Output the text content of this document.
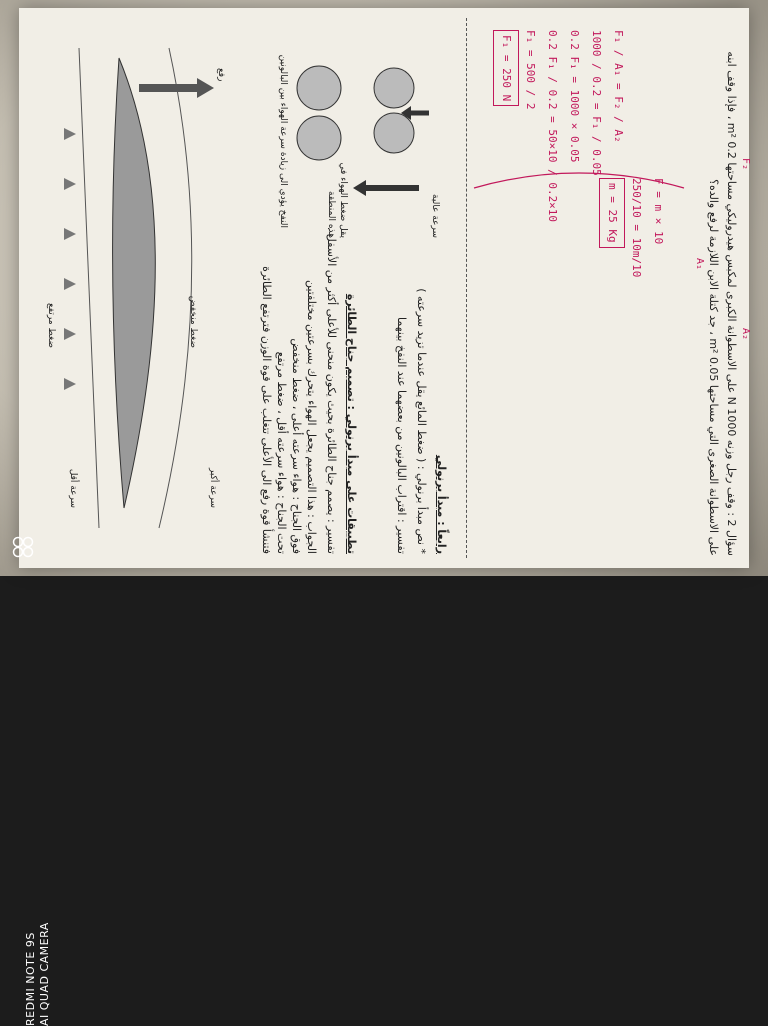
سؤال 2 : وقف رجل وزنه 1000 N على الاسطوانة الكبرى لمكبس هيدروليكي مساحتها 0.2 m² ، فإذا وقف ابنه
على الاسطوانة الصغرى التي مساحتها 0.05 m² ، جد كتلة الابن اللازمة لرفع والده؟
A₂
A₁
F₂
F₁ / A₁ = F₂ / A₂
1000 / 0.2 = F₁ / 0.05
0.2 F₁ = 1000 × 0.05
0.2 F₁ / 0.2 = 50×10 / 0.2×10
F₁ = 500 / 2
F₁ = 250 N
F = m × 10
250/10 = 10m/10
m = 25 Kg
رابعاً : مبدأ برنولي
* نص مبدأ برنولي : ( ضغط المائع يقل عندما تزيد سرعته )
تفسير : اقتراب البالونين من بعضهما عند النفخ بينهما
سرعة عالية
يقل ضغط الهواء في هذه المنطقة
النفخ يؤدي الى زيادة سرعة الهواء بين البالونين
تطبيقات على مبدأ برنولي : تصميم جناح الطائرة
تفسير : يصمم جناح الطائرة بحيث يكون منحنى للأعلى أكثر من الأسفل .
الجواب : هذا التصميم يجعل الهواء يتحرك بسرعتين مختلفتين
فوق الجناح : هواء سرعته أعلى ، ضغط منخفض
تحت الجناح : هواء سرعته أقل ، ضغط مرتفع
فتنشأ قوة رفع الى الأعلى تتغلب على قوة الوزن فترتفع الطائرة
سرعة أكبر
ضغط منخفض
سرعة أقل
ضغط مرتفع
رفع
REDMI NOTE 9S AI QUAD CAMERA
